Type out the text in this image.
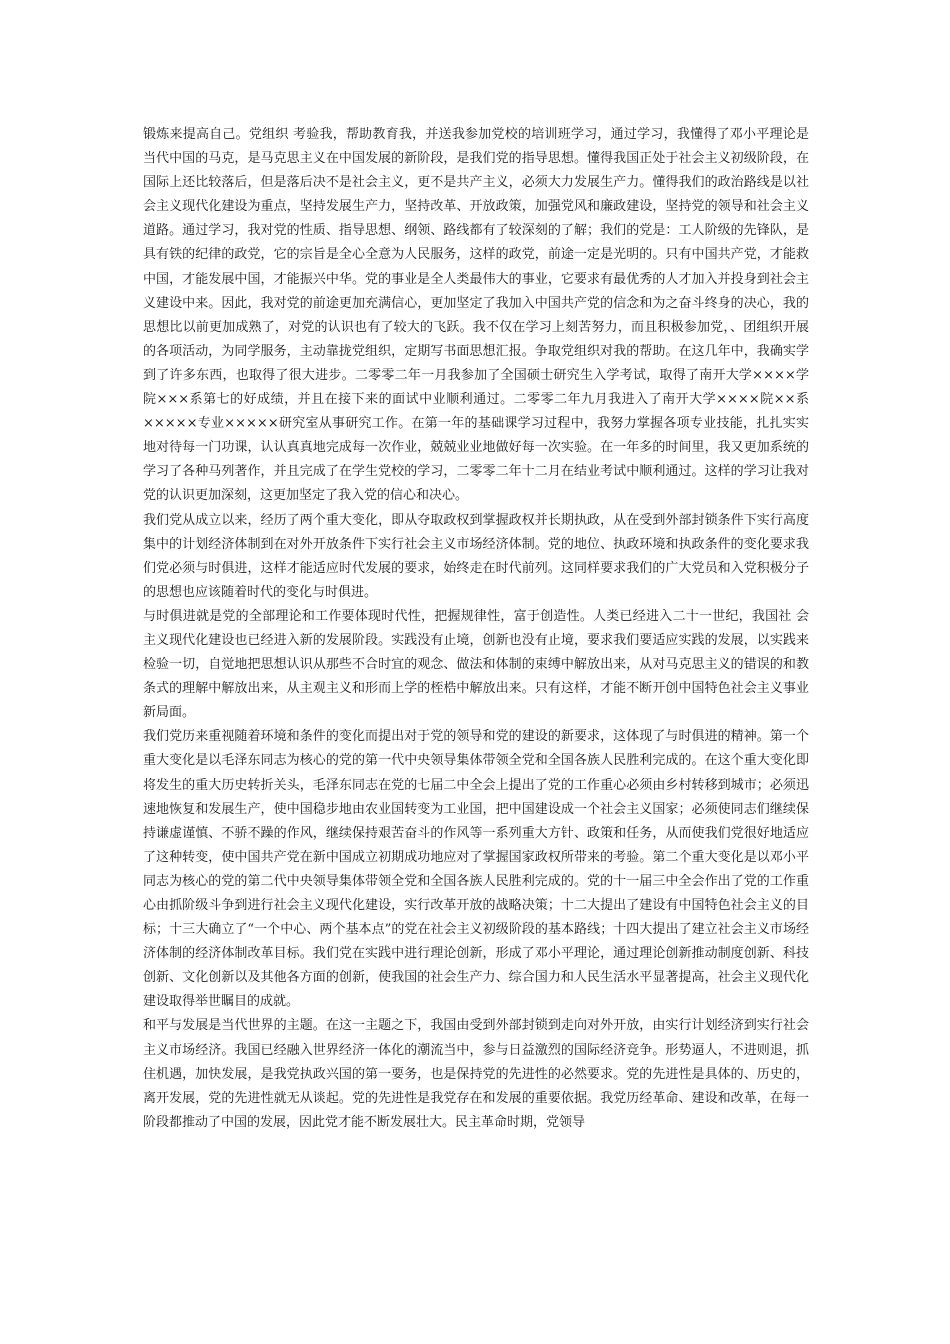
锻炼来提高自己。党组织 考验我，帮助教育我，并送我参加党校的培训班学习，通过学习，我懂得了邓小平理论是当代中国的马克，是马克思主义在中国发展的新阶段，是我们党的指导思想。懂得我国正处于社会主义初级阶段，在国际上还比较落后，但是落后决不是社会主义，更不是共产主义，必须大力发展生产力。懂得我们的政治路线是以社会主义现代化建设为重点，坚持发展生产力，坚持改革、开放政策，加强党风和廉政建设，坚持党的领导和社会主义道路。通过学习，我对党的性质、指导思想、纲领、路线都有了较深刻的了解；我们的党是：工人阶级的先锋队，是具有铁的纪律的政党，它的宗旨是全心全意为人民服务，这样的政党，前途一定是光明的。只有中国共产党，才能救中国，才能发展中国，才能振兴中华。党的事业是全人类最伟大的事业，它要求有最优秀的人才加入并投身到社会主义建设中来。因此，我对党的前途更加充满信心，更加坚定了我加入中国共产党的信念和为之奋斗终身的决心，我的思想比以前更加成熟了，对党的认识也有了较大的飞跃。我不仅在学习上刻苦努力，而且积极参加党，、团组织开展的各项活动，为同学服务，主动靠拢党组织，定期写书面思想汇报。争取党组织对我的帮助。在这几年中，我确实学到了许多东西，也取得了很大进步。二零零二年一月我参加了全国硕士研究生入学考试，取得了南开大学××××学院×××系第七的好成绩，并且在接下来的面试中业顺利通过。二零零二年九月我进入了南开大学××××院××系×××××专业×××××研究室从事研究工作。在第一年的基础课学习过程中，我努力掌握各项专业技能，扎扎实实地对待每一门功课，认认真真地完成每一次作业，兢兢业业地做好每一次实验。在一年多的时间里，我又更加系统的学习了各种马列著作，并且完成了在学生党校的学习，二零零二年十二月在结业考试中顺利通过。这样的学习让我对党的认识更加深刻，这更加坚定了我入党的信心和决心。

我们党从成立以来，经历了两个重大变化，即从夺取政权到掌握政权并长期执政，从在受到外部封锁条件下实行高度集中的计划经济体制到在对外开放条件下实行社会主义市场经济体制。党的地位、执政环境和执政条件的变化要求我们党必须与时俱进，这样才能适应时代发展的要求，始终走在时代前列。这同样要求我们的广大党员和入党积极分子的思想也应该随着时代的变化与时俱进。

与时俱进就是党的全部理论和工作要体现时代性，把握规律性，富于创造性。人类已经进入二十一世纪，我国社 会主义现代化建设也已经进入新的发展阶段。实践没有止境，创新也没有止境，要求我们要适应实践的发展，以实践来检验一切，自觉地把思想认识从那些不合时宜的观念、做法和体制的束缚中解放出来，从对马克思主义的错误的和教条式的理解中解放出来，从主观主义和形而上学的桎梏中解放出来。只有这样，才能不断开创中国特色社会主义事业新局面。

我们党历来重视随着环境和条件的变化而提出对于党的领导和党的建设的新要求，这体现了与时俱进的精神。第一个重大变化是以毛泽东同志为核心的党的第一代中央领导集体带领全党和全国各族人民胜利完成的。在这个重大变化即将发生的重大历史转折关头，毛泽东同志在党的七届二中全会上提出了党的工作重心必须由乡村转移到城市；必须迅速地恢复和发展生产，使中国稳步地由农业国转变为工业国，把中国建设成一个社会主义国家；必须使同志们继续保持谦虚谨慎、不骄不躁的作风，继续保持艰苦奋斗的作风等一系列重大方针、政策和任务，从而使我们党很好地适应了这种转变，使中国共产党在新中国成立初期成功地应对了掌握国家政权所带来的考验。第二个重大变化是以邓小平同志为核心的党的第二代中央领导集体带领全党和全国各族人民胜利完成的。党的十一届三中全会作出了党的工作重心由抓阶级斗争到进行社会主义现代化建设，实行改革开放的战略决策；十二大提出了建设有中国特色社会主义的目标；十三大确立了“一个中心、两个基本点”的党在社会主义初级阶段的基本路线；十四大提出了建立社会主义市场经济体制的经济体制改革目标。我们党在实践中进行理论创新，形成了邓小平理论，通过理论创新推动制度创新、科技创新、文化创新以及其他各方面的创新，使我国的社会生产力、综合国力和人民生活水平显著提高，社会主义现代化建设取得举世瞩目的成就。

和平与发展是当代世界的主题。在这一主题之下，我国由受到外部封锁到走向对外开放，由实行计划经济到实行社会主义市场经济。我国已经融入世界经济一体化的潮流当中，参与日益激烈的国际经济竞争。形势逼人，不进则退，抓住机遇，加快发展，是我党执政兴国的第一要务，也是保持党的先进性的必然要求。党的先进性是具体的、历史的，离开发展，党的先进性就无从谈起。党的先进性是我党存在和发展的重要依据。我党历经革命、建设和改革，在每一阶段都推动了中国的发展，因此党才能不断发展壮大。民主革命时期，党领导
